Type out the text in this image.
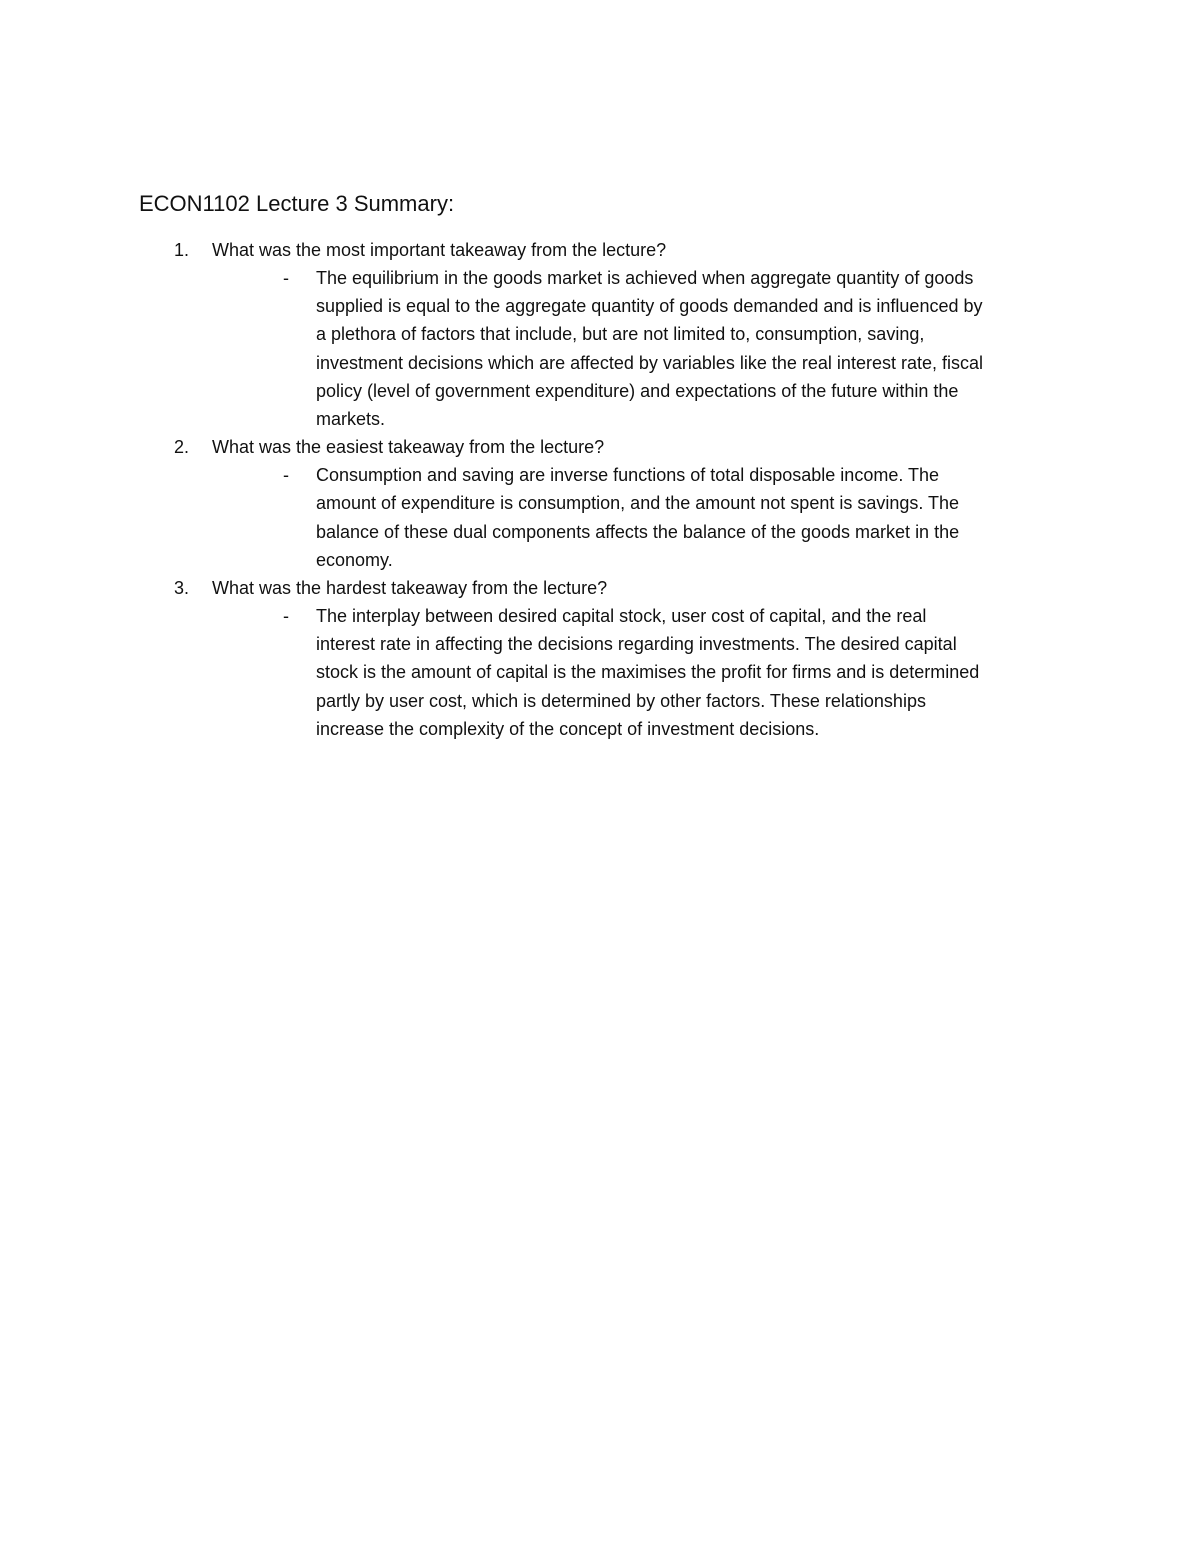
ECON1102 Lecture 3 Summary:
1. What was the most important takeaway from the lecture?
- The equilibrium in the goods market is achieved when aggregate quantity of goods
supplied is equal to the aggregate quantity of goods demanded and is influenced by
a plethora of factors that include, but are not limited to, consumption, saving,
investment decisions which are affected by variables like the real interest rate, fiscal
policy (level of government expenditure) and expectations of the future within the
markets.
2. What was the easiest takeaway from the lecture?
- Consumption and saving are inverse functions of total disposable income. The
amount of expenditure is consumption, and the amount not spent is savings. The
balance of these dual components affects the balance of the goods market in the
economy.
3. What was the hardest takeaway from the lecture?
- The interplay between desired capital stock, user cost of capital, and the real
interest rate in affecting the decisions regarding investments. The desired capital
stock is the amount of capital is the maximises the profit for firms and is determined
partly by user cost, which is determined by other factors. These relationships
increase the complexity of the concept of investment decisions.
